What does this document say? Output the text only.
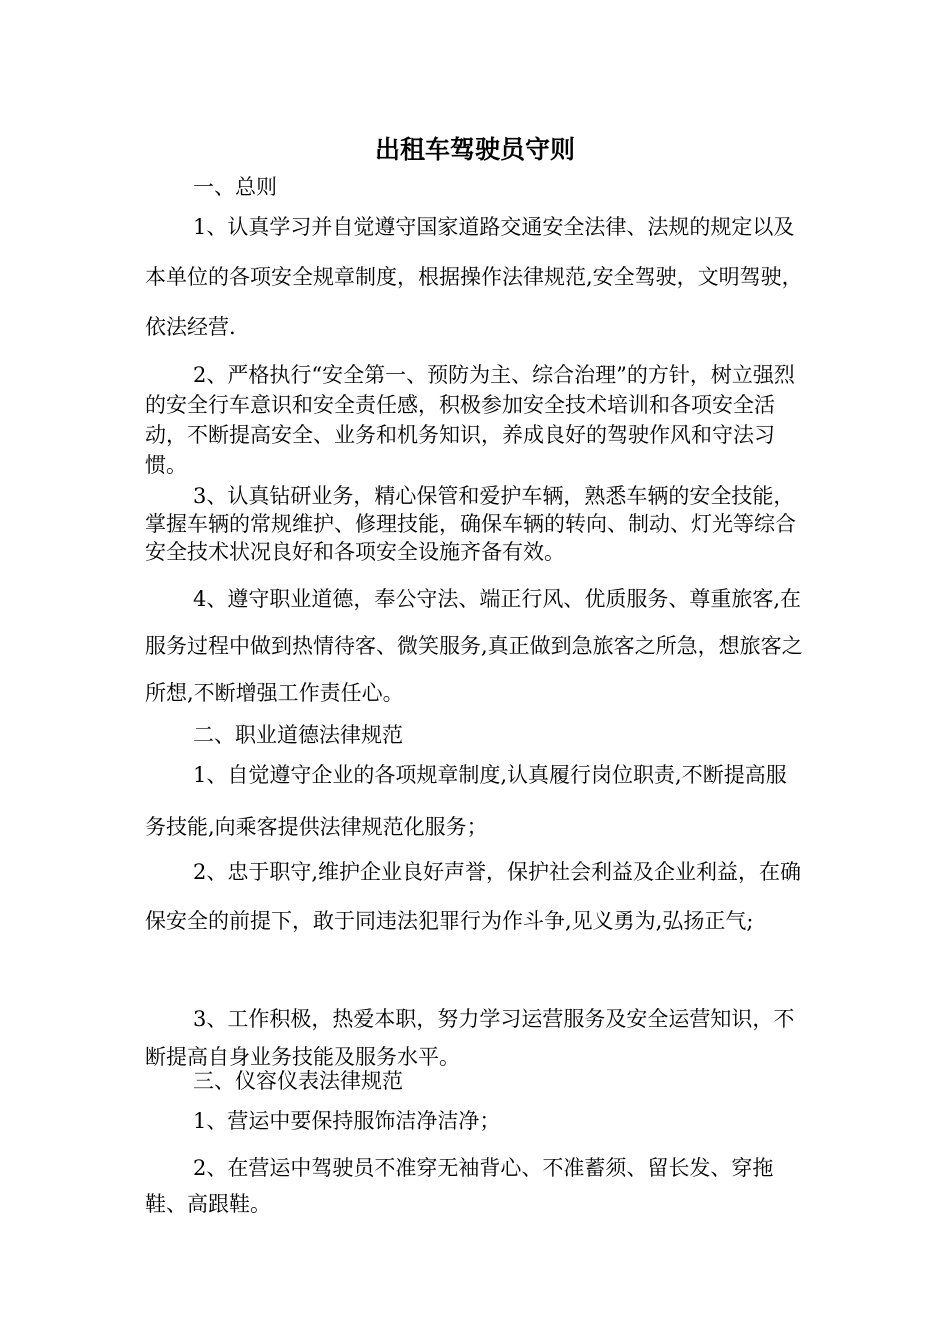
出租车驾驶员守则

一、总则

1、认真学习并自觉遵守国家道路交通安全法律、法规的规定以及本单位的各项安全规章制度，根据操作法律规范,安全驾驶，文明驾驶，依法经营.

2、严格执行“安全第一、预防为主、综合治理”的方针，树立强烈的安全行车意识和安全责任感，积极参加安全技术培训和各项安全活动，不断提高安全、业务和机务知识，养成良好的驾驶作风和守法习惯。

3、认真钻研业务，精心保管和爱护车辆，熟悉车辆的安全技能，掌握车辆的常规维护、修理技能，确保车辆的转向、制动、灯光等综合安全技术状况良好和各项安全设施齐备有效。

4、遵守职业道德，奉公守法、端正行风、优质服务、尊重旅客,在服务过程中做到热情待客、微笑服务,真正做到急旅客之所急，想旅客之所想,不断增强工作责任心。

二、职业道德法律规范

1、自觉遵守企业的各项规章制度,认真履行岗位职责,不断提高服务技能,向乘客提供法律规范化服务；

2、忠于职守,维护企业良好声誉，保护社会利益及企业利益，在确保安全的前提下，敢于同违法犯罪行为作斗争,见义勇为,弘扬正气;

3、工作积极，热爱本职，努力学习运营服务及安全运营知识，不断提高自身业务技能及服务水平。

三、仪容仪表法律规范

1、营运中要保持服饰洁净洁净；

2、在营运中驾驶员不准穿无袖背心、不准蓄须、留长发、穿拖鞋、高跟鞋。
